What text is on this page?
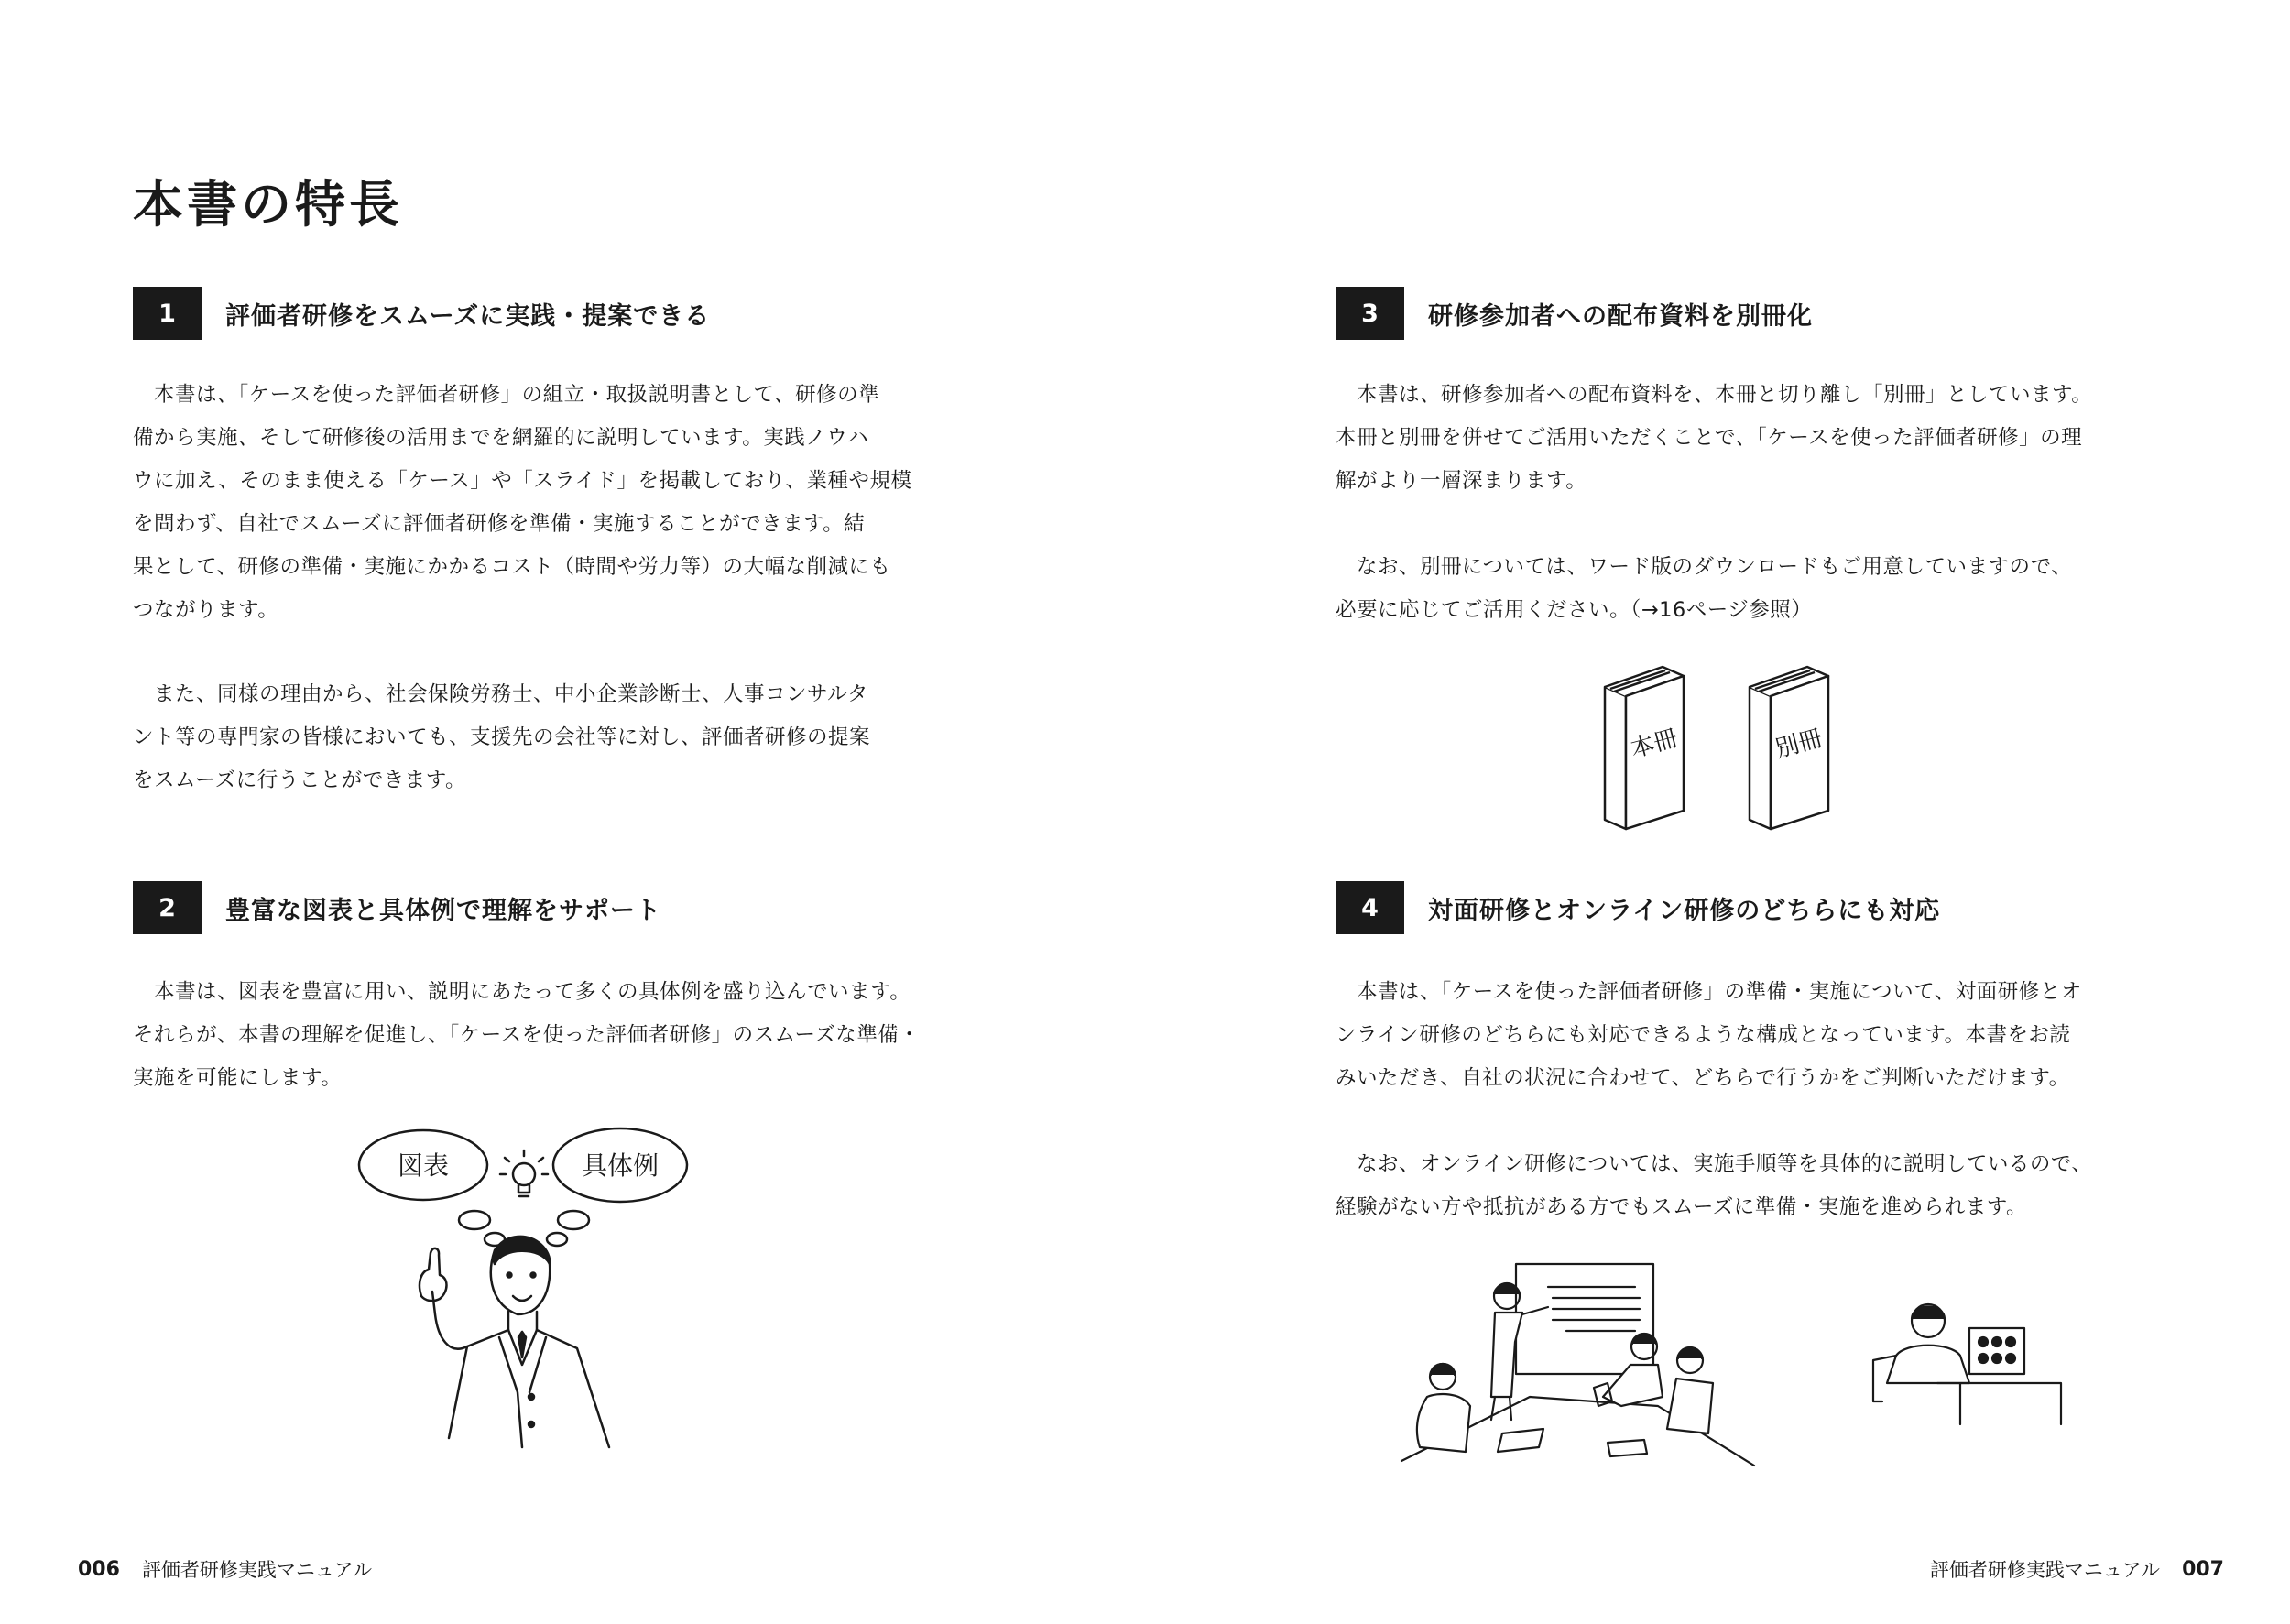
本書の特長
1	評価者研修をスムーズに実践・提案できる
　本書は、「ケースを使った評価者研修」の組立・取扱説明書として、研修の準
備から実施、そして研修後の活用までを網羅的に説明しています。実践ノウハ
ウに加え、そのまま使える「ケース」や「スライド」を掲載しており、業種や規模
を問わず、自社でスムーズに評価者研修を準備・実施することができます。結
果として、研修の準備・実施にかかるコスト（時間や労力等）の大幅な削減にも
つながります。
　また、同様の理由から、社会保険労務士、中小企業診断士、人事コンサルタ
ント等の専門家の皆様においても、支援先の会社等に対し、評価者研修の提案
をスムーズに行うことができます。
2	豊富な図表と具体例で理解をサポート
　本書は、図表を豊富に用い、説明にあたって多くの具体例を盛り込んでいます。
それらが、本書の理解を促進し、「ケースを使った評価者研修」のスムーズな準備・
実施を可能にします。
図表	具体例
3	研修参加者への配布資料を別冊化
　本書は、研修参加者への配布資料を、本冊と切り離し「別冊」としています。
本冊と別冊を併せてご活用いただくことで、「ケースを使った評価者研修」の理
解がより一層深まります。
　なお、別冊については、ワード版のダウンロードもご用意していますので、
必要に応じてご活用ください。（→16ページ参照）
本冊	別冊
4	対面研修とオンライン研修のどちらにも対応
　本書は、「ケースを使った評価者研修」の準備・実施について、対面研修とオ
ンライン研修のどちらにも対応できるような構成となっています。本書をお読
みいただき、自社の状況に合わせて、どちらで行うかをご判断いただけます。
　なお、オンライン研修については、実施手順等を具体的に説明しているので、
経験がない方や抵抗がある方でもスムーズに準備・実施を進められます。
006 評価者研修実践マニュアル	評価者研修実践マニュアル 007
